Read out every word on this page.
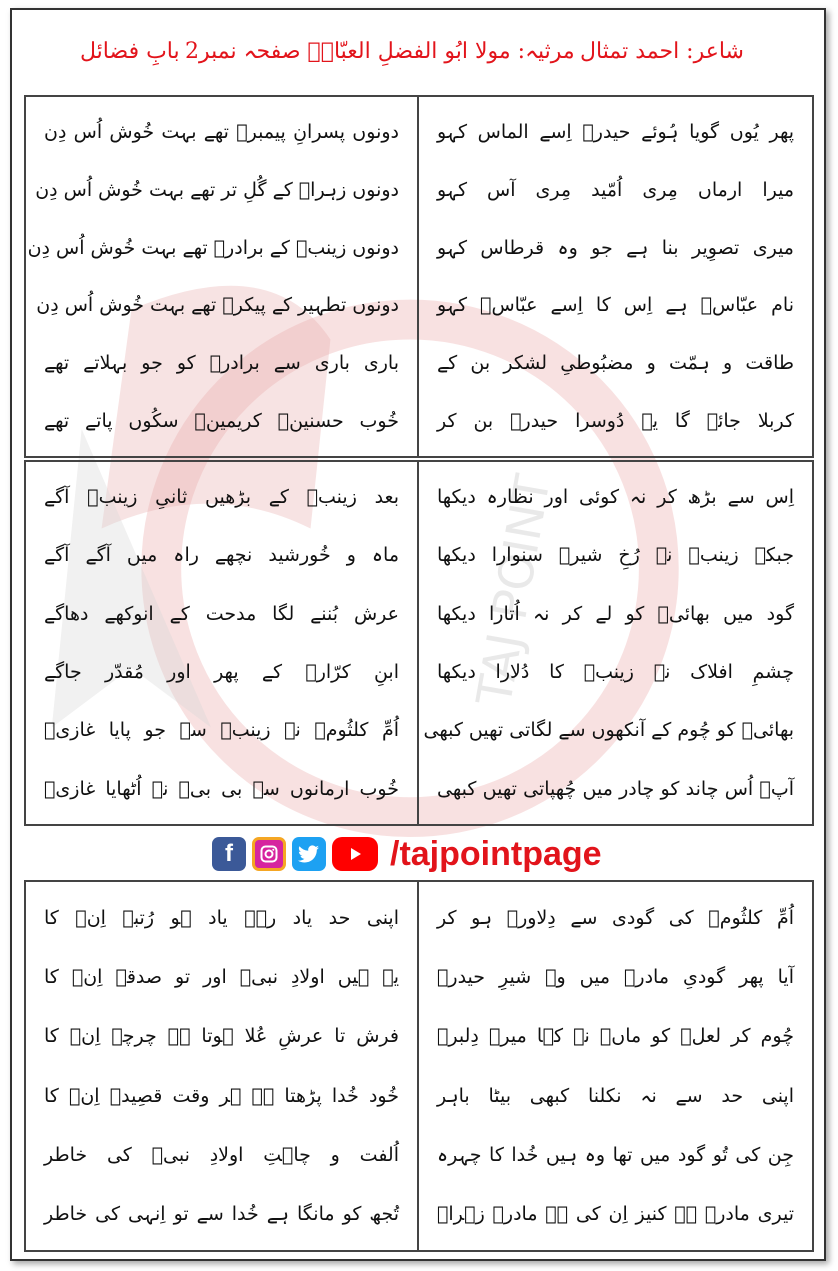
TAJ POINT
شاعر: احمد تمثال
مرثیہ: مولا ابُو الفضلِ العبّاسؑ صفحہ نمبر2
بابِ فضائل
پھر یُوں گویا ہُوئے حیدرؑ اِسے الماس کہو
میرا ارماں مِری اُمّید مِری آس کہو
میری تصوِیر بنا ہے جو وہ قرطاس کہو
نام عبّاسؑ ہے اِس کا اِسے عبّاسؑ کہو
طاقت و ہمّت و مضبُوطیِ لشکر بن کے
کربلا جائے گا یہ دُوسرا حیدرؑ بن کر
دونوں پسرانِ پیمبرؐ تھے بہت خُوش اُس دِن
دونوں زہراؑ کے گُلِ تر تھے بہت خُوش اُس دِن
دونوں زینبؑ کے برادرؑ تھے بہت خُوش اُس دِن
دونوں تطہیر کے پیکرؑ تھے بہت خُوش اُس دِن
باری باری سے برادرؑ کو جو بہلاتے تھے
خُوب حسنینؑ کریمینؑ سکُوں پاتے تھے
اِس سے بڑھ کر نہ کوئی اور نظارہ دیکھا
جبکہ زینبؑ نے رُخِ شیرؑ سنوارا دیکھا
گود میں بھائیؑ کو لے کر نہ اُتارا دیکھا
چشمِ افلاک نے زینبؑ کا دُلارا دیکھا
بھائیؑ کو چُوم کے آنکھوں سے لگاتی تھیں کبھی
آپؑ اُس چاند کو چادر میں چُھپاتی تھیں کبھی
بعد زینبؑ کے بڑھیں ثانیِ زینبؑ آگے
ماہ و خُورشید نچھے راہ میں آگے آگے
عرش بُننے لگا مدحت کے انوکھے دھاگے
ابنِ کرّارؑ کے پھر اور مُقدّر جاگے
اُمِّ کلثُومؑ نے زینبؑ سے جو پایا غازیؑ
خُوب ارمانوں سے بی بیؑ نے اُٹھایا غازیؑ
f	/tajpointpage
اُمِّ کلثُومؑ کی گودی سے دِلاورؑ ہو کر
آیا پھر گودیِ مادرؑ میں وہ شیرِ حیدرؑ
چُوم کر لعلؑ کو ماںؑ نے کہا میرے دِلبرؑ
اپنی حد سے نہ نکلنا کبھی بیٹا باہر
جِن کی تُو گود میں تھا وہ ہیں خُدا کا چہرہ
تیری مادرؑ ہے کنیز اِن کی ہے مادرؑ زہراؑ
اپنی حد یاد رہے یاد ہو رُتبہ اِنؑ کا
یہ ہیں اولادِ نبیؐ اور تو صدقہ اِنؑ کا
فرش تا عرشِ عُلا ہوتا ہے چرچہ اِنؑ کا
خُود خُدا پڑھتا ہے ہر وقت قصِیدہ اِنؑ کا
اُلفت و چاہتِ اولادِ نبیؐ کی خاطر
تُجھ کو مانگا ہے خُدا سے تو اِنہی کی خاطر
